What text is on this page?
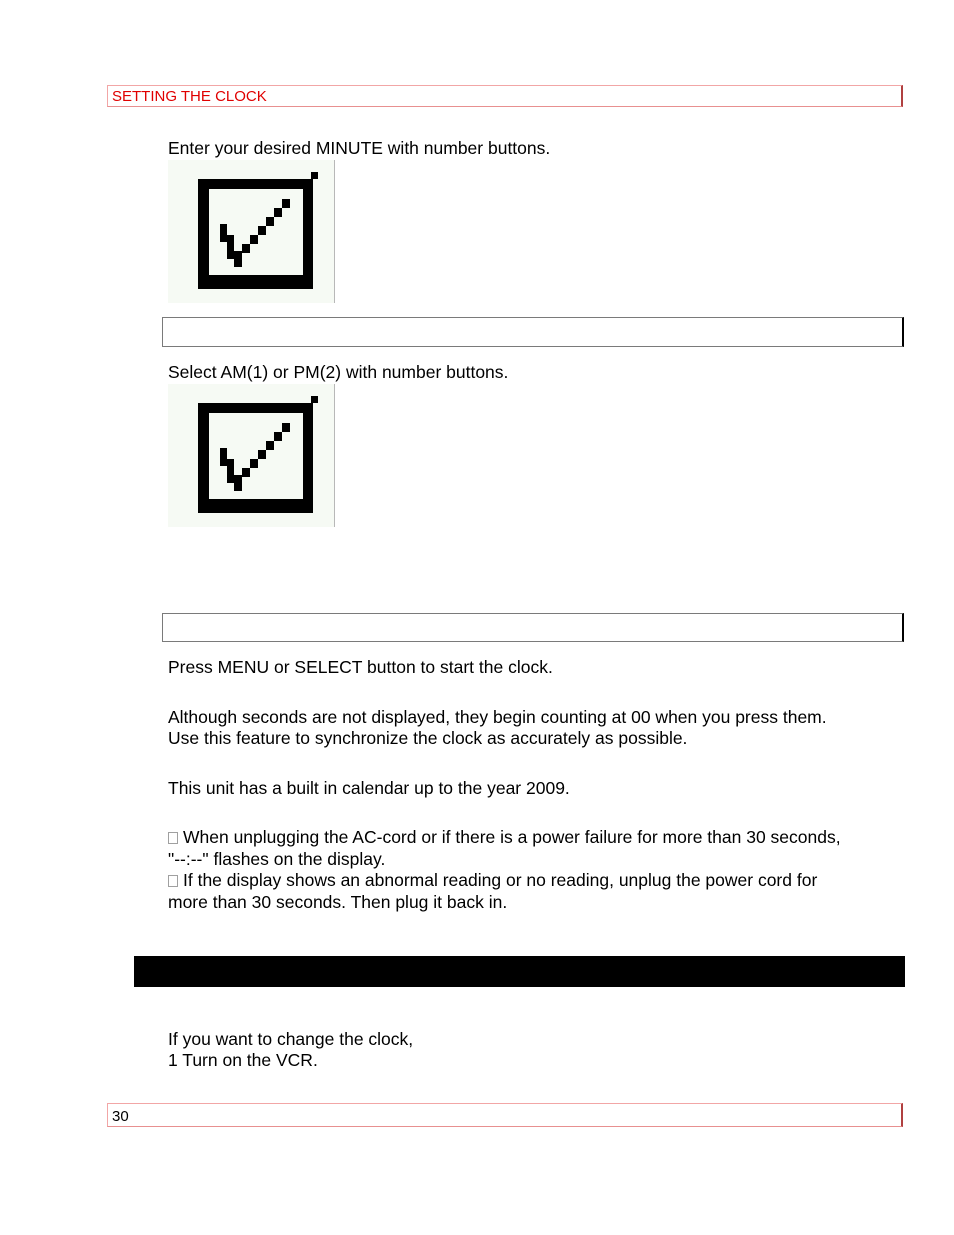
SETTING THE CLOCK
Enter your desired MINUTE with number buttons.
Select AM(1) or PM(2) with number buttons.
Press MENU or SELECT button to start the clock.
Although seconds are not displayed, they begin counting at 00 when you press them.
Use this feature to synchronize the clock as accurately as possible.
This unit has a built in calendar up to the year 2009.
When unplugging the AC-cord or if there is a power failure for more than 30 seconds,
"--:--" flashes on the display.
If the display shows an abnormal reading or no reading, unplug the power cord for
more than 30 seconds. Then plug it back in.
If you want to change the clock,
1 Turn on the VCR.
30
